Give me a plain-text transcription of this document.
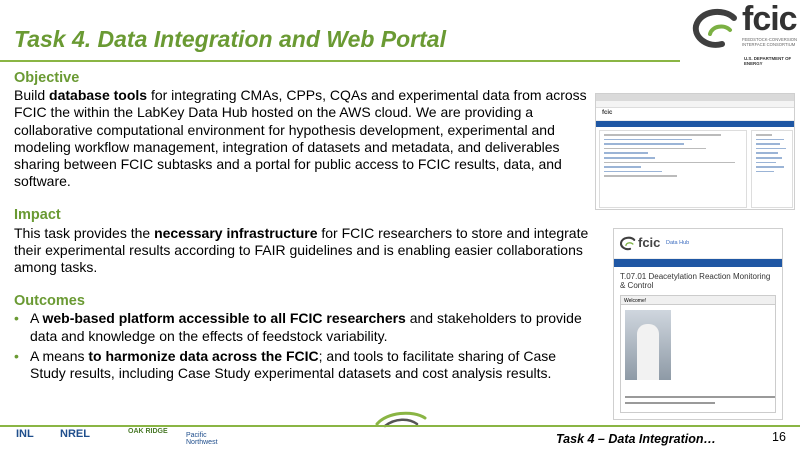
Task 4. Data Integration and Web Portal
fcic
FEEDSTOCK-CONVERSION INTERFACE CONSORTIUM
U.S. DEPARTMENT OF ENERGY
Objective
Build database tools for integrating CMAs, CPPs, CQAs and experimental data from across FCIC the within the LabKey Data Hub hosted on the AWS cloud. We are providing a collaborative computational environment for hypothesis development, experimental and modeling workflow management, integration of datasets and metadata, and deliverables sharing between FCIC subtasks and a portal for public access to FCIC results, data, and software.
Impact
This task provides the necessary infrastructure for FCIC researchers to store and integrate their experimental results according to FAIR guidelines and is enabling easier collaborations among tasks.
Outcomes
• A web-based platform accessible to all FCIC researchers and stakeholders to provide data and knowledge on the effects of feedstock variability.
• A means to harmonize data across the FCIC; and tools to facilitate sharing of Case Study results, including Case Study experimental datasets and cost analysis results.
fcic
fcic Data Hub
T.07.01 Deacetylation Reaction Monitoring & Control
Welcome!
INL NREL	OAK RIDGE
Pacific Northwest	Task 4 – Data Integration…	16
